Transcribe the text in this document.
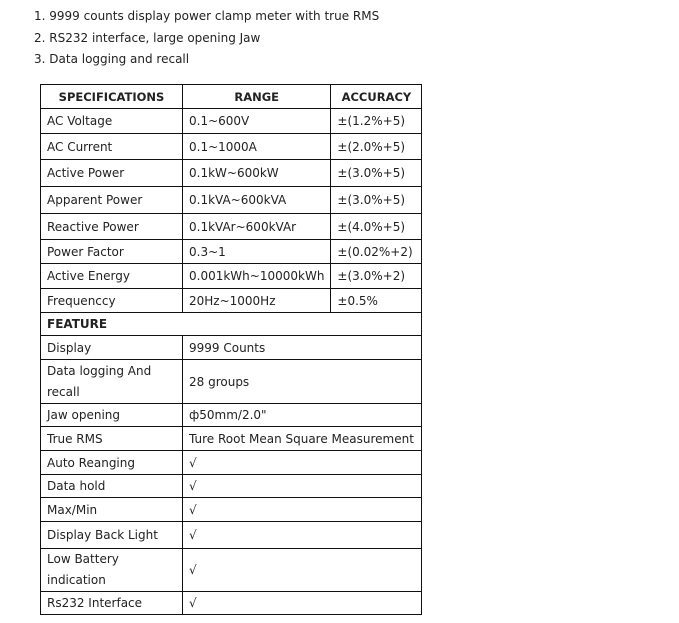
1. 9999 counts display power clamp meter with true RMS
2. RS232 interface, large opening Jaw
3. Data logging and recall
SPECIFICATIONS	RANGE	ACCURACY
AC Voltage	0.1~600V	±(1.2%+5)
AC Current	0.1~1000A	±(2.0%+5)
Active Power	0.1kW~600kW	±(3.0%+5)
Apparent Power	0.1kVA~600kVA	±(3.0%+5)
Reactive Power	0.1kVAr~600kVAr	±(4.0%+5)
Power Factor	0.3~1	±(0.02%+2)
Active Energy	0.001kWh~10000kWh	±(3.0%+2)
Frequenccy	20Hz~1000Hz	±0.5%
FEATURE		
Display	9999 Counts	
Data logging And recall	28 groups	
Jaw opening	ф50mm/2.0"	
True RMS	Ture Root Mean Square Measurement	
Auto Reanging	√	
Data hold	√	
Max/Min	√	
Display Back Light	√	
Low Battery indication	√	
Rs232 Interface	√	
